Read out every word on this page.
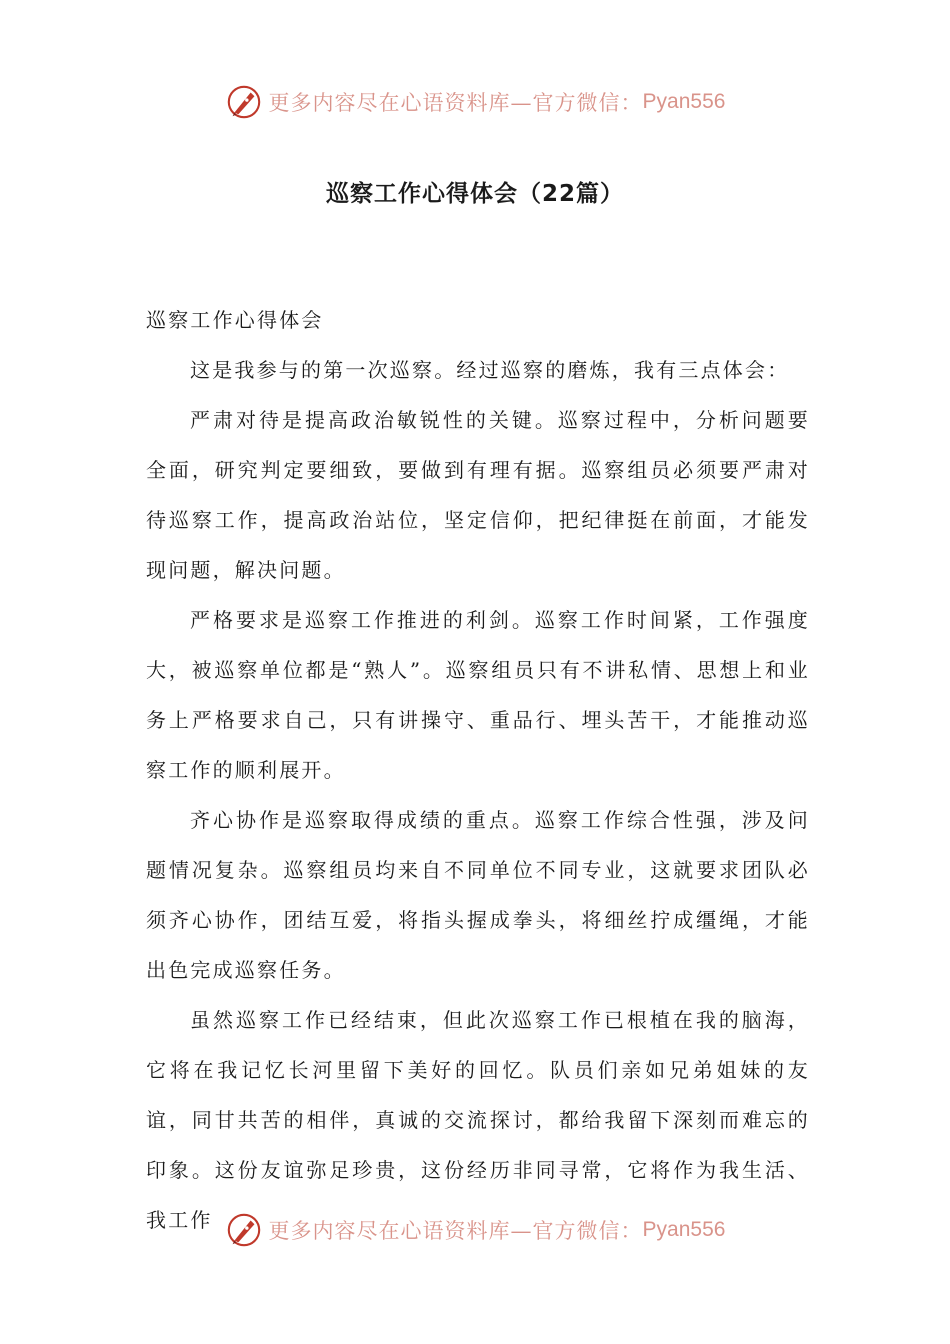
更多内容尽在心语资料库—官方微信： Pyan556
巡察工作心得体会（22篇）

巡察工作心得体会

这是我参与的第一次巡察。经过巡察的磨炼，我有三点体会：

严肃对待是提高政治敏锐性的关键。巡察过程中，分析问题要全面，研究判定要细致，要做到有理有据。巡察组员必须要严肃对待巡察工作，提高政治站位，坚定信仰，把纪律挺在前面，才能发现问题，解决问题。

严格要求是巡察工作推进的利剑。巡察工作时间紧，工作强度大，被巡察单位都是“熟人”。巡察组员只有不讲私情、思想上和业务上严格要求自己，只有讲操守、重品行、埋头苦干，才能推动巡察工作的顺利展开。

齐心协作是巡察取得成绩的重点。巡察工作综合性强，涉及问题情况复杂。巡察组员均来自不同单位不同专业，这就要求团队必须齐心协作，团结互爱，将指头握成拳头，将细丝拧成缰绳，才能出色完成巡察任务。

虽然巡察工作已经结束，但此次巡察工作已根植在我的脑海，它将在我记忆长河里留下美好的回忆。队员们亲如兄弟姐妹的友谊，同甘共苦的相伴，真诚的交流探讨，都给我留下深刻而难忘的印象。这份友谊弥足珍贵，这份经历非同寻常，它将作为我生活、我工作	更多内容尽在心语资料库—官方微信： Pyan556
